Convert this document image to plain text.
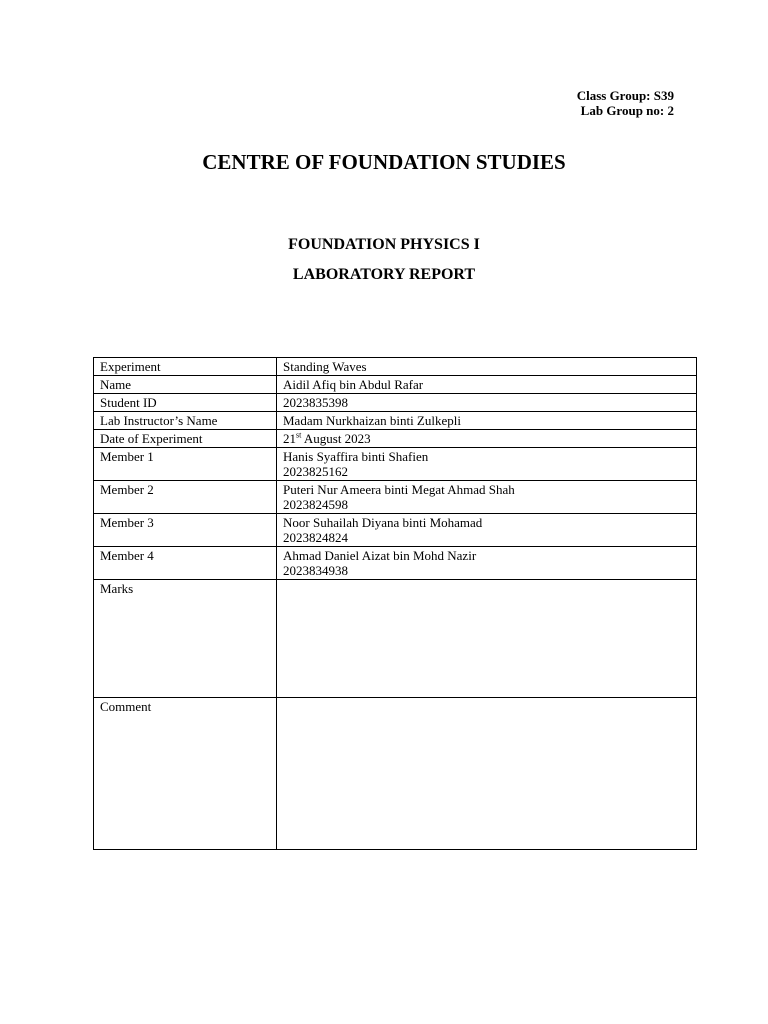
Class Group: S39
Lab Group no: 2
CENTRE OF FOUNDATION STUDIES
FOUNDATION PHYSICS I
LABORATORY REPORT
Experiment	Standing Waves
Name	Aidil Afiq bin Abdul Rafar
Student ID	2023835398
Lab Instructor’s Name	Madam Nurkhaizan binti Zulkepli
Date of Experiment	21st August 2023
Member 1	Hanis Syaffira binti Shafien
2023825162

Member 2	Puteri Nur Ameera binti Megat Ahmad Shah
2023824598

Member 3	Noor Suhailah Diyana binti Mohamad
2023824824

Member 4	Ahmad Daniel Aizat bin Mohd Nazir
2023834938

Marks	
Comment	
